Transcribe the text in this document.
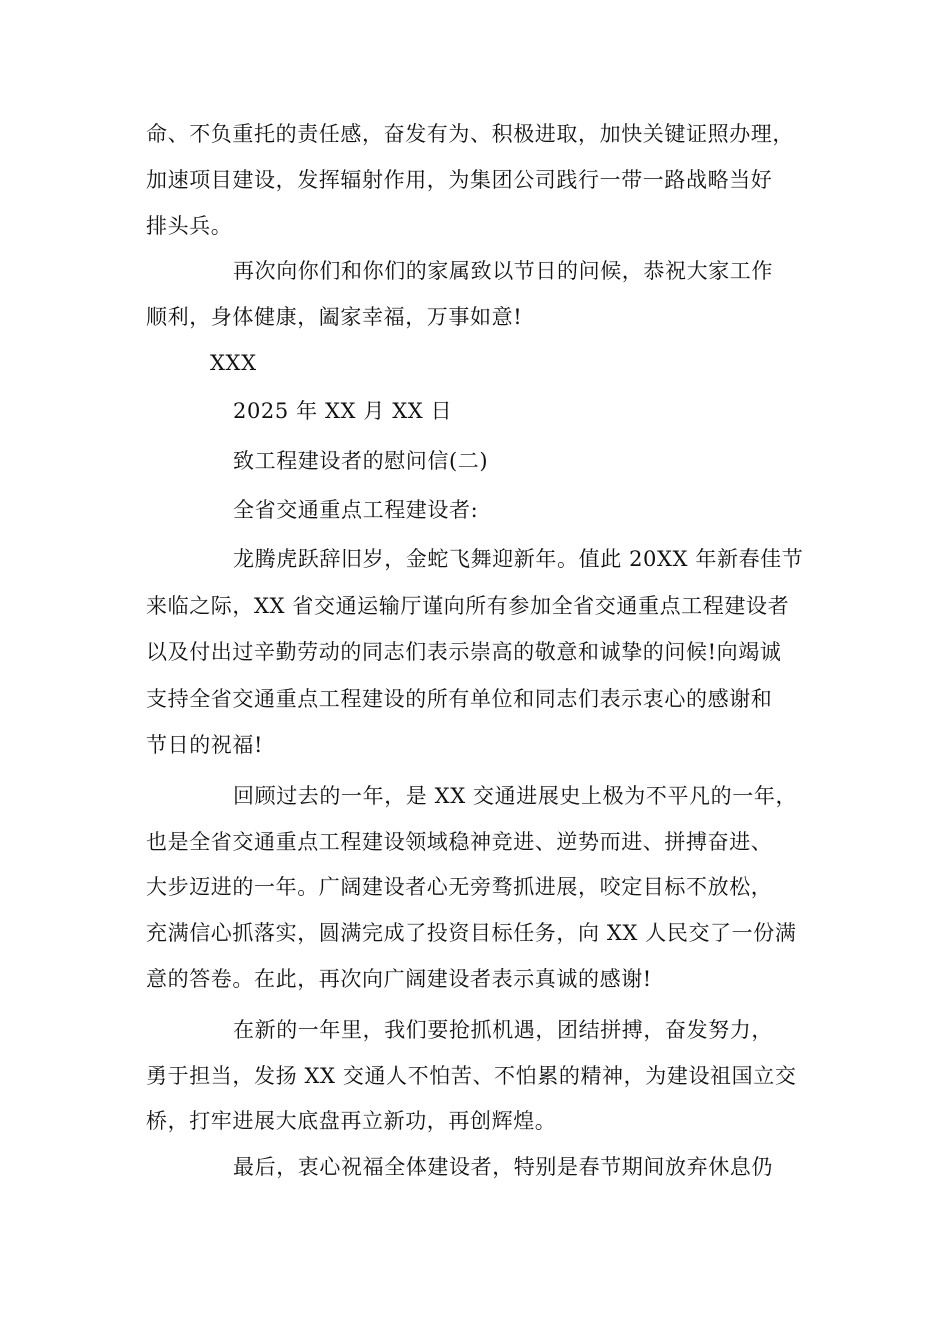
命、不负重托的责任感，奋发有为、积极进取，加快关键证照办理，
加速项目建设，发挥辐射作用，为集团公司践行一带一路战略当好
排头兵。
再次向你们和你们的家属致以节日的问候，恭祝大家工作
顺利，身体健康，阖家幸福，万事如意!
XXX
2025 年 XX 月 XX 日
致工程建设者的慰问信(二)
全省交通重点工程建设者:
龙腾虎跃辞旧岁，金蛇飞舞迎新年。值此 20XX 年新春佳节
来临之际，XX 省交通运输厅谨向所有参加全省交通重点工程建设者
以及付出过辛勤劳动的同志们表示崇高的敬意和诚挚的问候!向竭诚
支持全省交通重点工程建设的所有单位和同志们表示衷心的感谢和
节日的祝福!
回顾过去的一年，是 XX 交通进展史上极为不平凡的一年，
也是全省交通重点工程建设领域稳神竞进、逆势而进、拼搏奋进、
大步迈进的一年。广阔建设者心无旁骛抓进展，咬定目标不放松，
充满信心抓落实，圆满完成了投资目标任务，向 XX 人民交了一份满
意的答卷。在此，再次向广阔建设者表示真诚的感谢!
在新的一年里，我们要抢抓机遇，团结拼搏，奋发努力，
勇于担当，发扬 XX 交通人不怕苦、不怕累的精神，为建设祖国立交
桥，打牢进展大底盘再立新功，再创辉煌。
最后，衷心祝福全体建设者，特别是春节期间放弃休息仍
